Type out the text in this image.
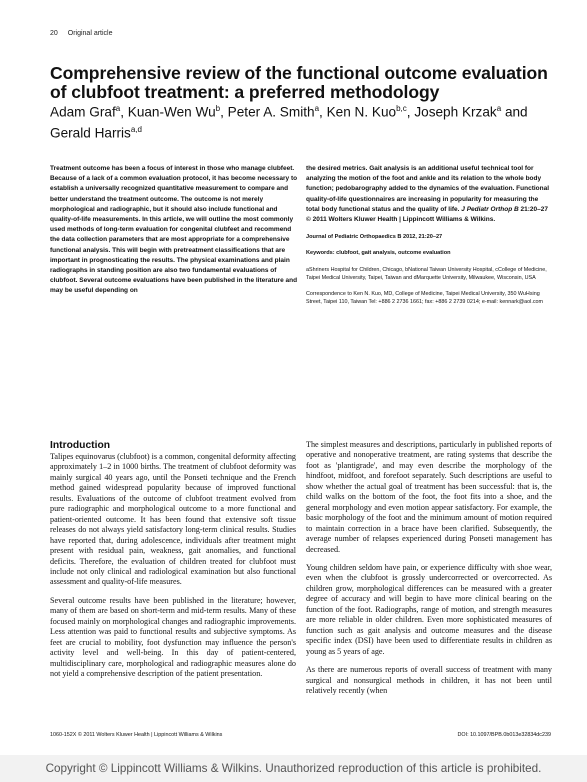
20 Original article
Comprehensive review of the functional outcome evaluation of clubfoot treatment: a preferred methodology
Adam Graf$^a$, Kuan-Wen Wu$^b$, Peter A. Smith$^a$, Ken N. Kuo$^{b,c}$, Joseph Krzak$^a$ and Gerald Harris$^{a,d}$
Treatment outcome has been a focus of interest in those who manage clubfeet. Because of a lack of a common evaluation protocol, it has become necessary to establish a universally recognized quantitative measurement to compare and better understand the treatment outcome. The outcome is not merely morphological and radiographic, but it should also include functional and quality-of-life measurements. In this article, we will outline the most commonly used methods of long-term evaluation for congenital clubfeet and recommend the data collection parameters that are most appropriate for a comprehensive functional analysis. This will begin with pretreatment classifications that are important in prognosticating the results. The physical examinations and plain radiographs in standing position are also two fundamental evaluations of clubfoot. Several outcome evaluations have been published in the literature and may be useful depending on
the desired metrics. Gait analysis is an additional useful technical tool for analyzing the motion of the foot and ankle and its relation to the whole body function; pedobarography added to the dynamics of the evaluation. Functional quality-of-life questionnaires are increasing in popularity for measuring the total body functional status and the quality of life. J Pediatr Orthop B 21:20–27 © 2011 Wolters Kluwer Health | Lippincott Williams & Wilkins.
Journal of Pediatric Orthopaedics B 2012, 21:20–27
Keywords: clubfoot, gait analysis, outcome evaluation
aShriners Hospital for Children, Chicago, bNational Taiwan University Hospital, cCollege of Medicine, Taipei Medical University, Taipei, Taiwan and dMarquette University, Milwaukee, Wisconsin, USA
Correspondence to Ken N. Kuo, MD, College of Medicine, Taipei Medical University, 350 WuHsing Street, Taipei 110, Taiwan Tel: +886 2 2736 1661; fax: +886 2 2739 0214; e-mail: kennark@aol.com
Introduction

Talipes equinovarus (clubfoot) is a common, congenital deformity affecting approximately 1–2 in 1000 births. The treatment of clubfoot deformity was mainly surgical 40 years ago, until the Ponseti technique and the French method gained widespread popularity because of improved functional results. Evaluations of the outcome of clubfoot treatment evolved from pure radiographic and morphological outcome to a more functional and patient-oriented outcome. It has been found that extensive soft tissue releases do not always yield satisfactory long-term clinical results. Studies have reported that, during adolescence, individuals after treatment might present with residual pain, weakness, gait anomalies, and functional deficits. Therefore, the evaluation of children treated for clubfoot must include not only clinical and radiological examination but also functional assessment and quality-of-life measures.

Several outcome results have been published in the literature; however, many of them are based on short-term and mid-term results. Many of these focused mainly on morphological changes and radiographic improvements. Less attention was paid to functional results and subjective symptoms. As feet are crucial to mobility, foot dysfunction may influence the person's activity level and well-being. In this day of patient-centered, multidisciplinary care, morphological and radiographic measures alone do not yield a comprehensive description of the patient presentation.

The simplest measures and descriptions, particularly in published reports of operative and nonoperative treatment, are rating systems that describe the foot as 'plantigrade', and may even describe the morphology of the hindfoot, midfoot, and forefoot separately. Such descriptions are useful to show whether the actual goal of treatment has been successful: that is, the child walks on the bottom of the foot, the foot fits into a shoe, and the general morphology and even motion appear satisfactory. For example, the basic morphology of the foot and the minimum amount of motion required to maintain correction in a brace have been clarified. Subsequently, the average number of relapses experienced during Ponseti management has decreased.

Young children seldom have pain, or experience difficulty with shoe wear, even when the clubfoot is grossly undercorrected or overcorrected. As children grow, morphological differences can be measured with a greater degree of accuracy and will begin to have more clinical bearing on the function of the foot. Radiographs, range of motion, and strength measures are more reliable in older children. Even more sophisticated measures of function such as gait analysis and outcome measures and the disease specific index (DSI) have been used to differentiate results in children as young as 5 years of age.

As there are numerous reports of overall success of treatment with many surgical and nonsurgical methods in children, it has not been until relatively recently (when

1060-152X © 2011 Wolters Kluwer Health | Lippincott Williams & Wilkins	DOI: 10.1097/BPB.0b013e32834dc239
Copyright © Lippincott Williams & Wilkins. Unauthorized reproduction of this article is prohibited.
